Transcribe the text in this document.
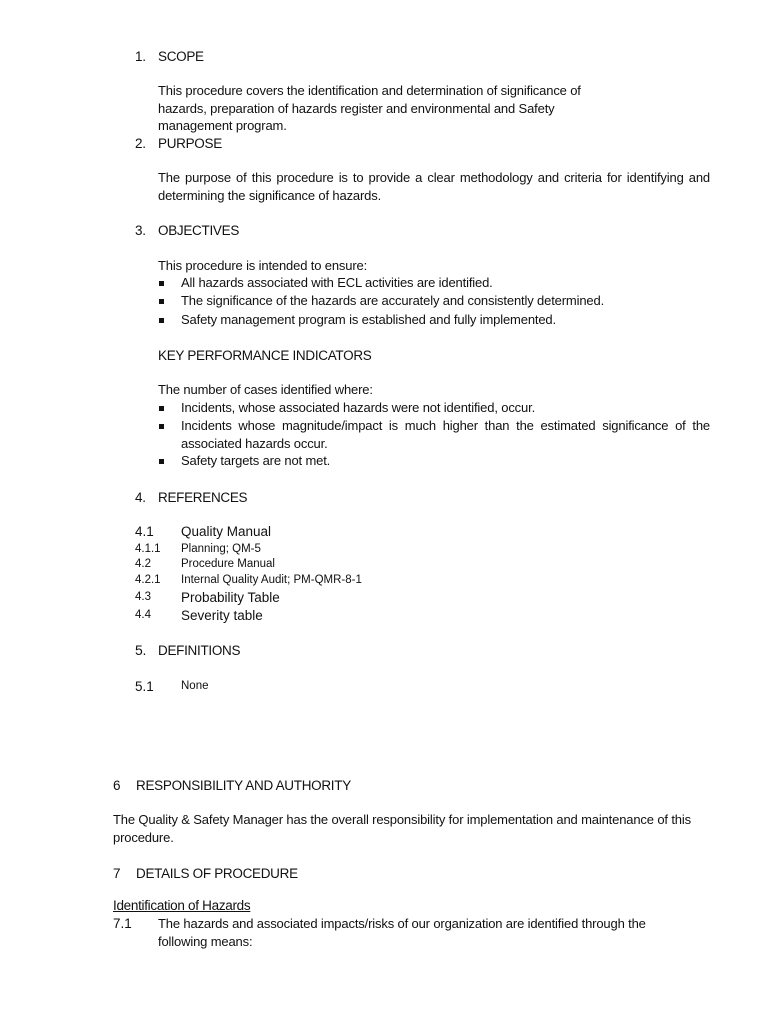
1. SCOPE
This procedure covers the identification and determination of significance of hazards, preparation of hazards register and environmental and Safety management program.
2. PURPOSE
The purpose of this procedure is to provide a clear methodology and criteria for identifying and determining the significance of hazards.
3. OBJECTIVES
This procedure is intended to ensure:
All hazards associated with ECL activities are identified.
The significance of the hazards are accurately and consistently determined.
Safety management program is established and fully implemented.
KEY PERFORMANCE INDICATORS
The number of cases identified where:
Incidents, whose associated hazards were not identified, occur.
Incidents whose magnitude/impact is much higher than the estimated significance of the associated hazards occur.
Safety targets are not met.
4. REFERENCES
4.1 Quality Manual
4.1.1 Planning; QM-5
4.2	Procedure Manual
4.2.1 Internal Quality Audit; PM-QMR-8-1
4.3 Probability Table
4.4 Severity table
5. DEFINITIONS
5.1 None
6 RESPONSIBILITY AND AUTHORITY
The Quality & Safety Manager has the overall responsibility for implementation and maintenance of this procedure.
7 DETAILS OF PROCEDURE
Identification of Hazards
7.1 The hazards and associated impacts/risks of our organization are identified through the following means:
